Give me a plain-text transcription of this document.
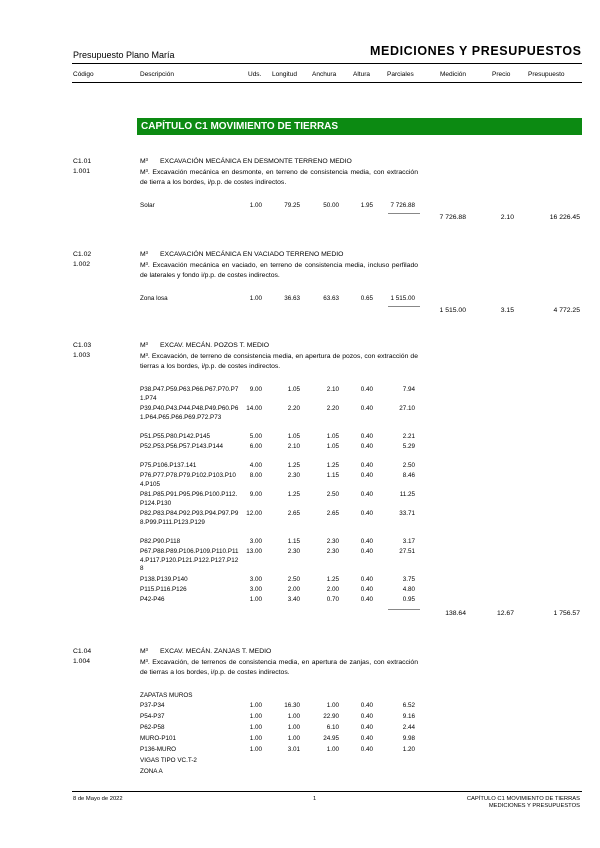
Presupuesto Plano María	MEDICIONES Y PRESUPUESTOS
Código	Descripción	Uds. Longitud Anchura	Altura	Parciales	Medición	Precio	Presupuesto
CAPÍTULO C1 MOVIMIENTO DE TIERRAS
C1.01
1.001
M³ EXCAVACIÓN MECÁNICA EN DESMONTE TERRENO MEDIO
M³. Excavación mecánica en desmonte, en terreno de consistencia media, con extracción de tierra a los bordes, i/p.p. de costes indirectos.
Solar	1.00	79.25	50.00	1.95	7 726.88
7 726.88	2.10	16 226.45
C1.02
1.002
M³ EXCAVACIÓN MECÁNICA EN VACIADO TERRENO MEDIO
M³. Excavación mecánica en vaciado, en terreno de consistencia media, incluso perfilado de laterales y fondo i/p.p. de costes indirectos.
Zona losa	1.00	36.63	63.63	0.65	1 515.00
1 515.00	3.15	4 772.25
C1.03
1.003
M³ EXCAV. MECÁN. POZOS T. MEDIO
M³. Excavación, de terreno de consistencia media, en apertura de pozos, con extracción de tierras a los bordes, i/p.p. de costes indirectos.
P38.P47.P59.P63.P66.P67.P70.P71.P74
9.00	1.05	2.10	0.40	7.94
P39.P40.P43.P44.P48.P49.P60.P61.P64.P65.P66.P69.P72.P73
14.00	2.20	2.20	0.40	27.10
P51.P55.P80.P142.P145	5.00	1.05	1.05	0.40	2.21
P52.P53.P56.P57.P143.P144	6.00	2.10	1.05	0.40	5.29
P75.P106.P137.141	4.00	1.25	1.25	0.40	2.50
P76.P77.P78.P79.P102.P103.P104.P105
8.00	2.30	1.15	0.40	8.46
P81.P85.P91.P95.P96.P100.P112.P124.P130
9.00	1.25	2.50	0.40	11.25
P82.P83.P84.P92.P93.P94.P97.P98.P99.P111.P123.P129
12.00	2.65	2.65	0.40	33.71
P82.P90.P118	3.00	1.15	2.30	0.40	3.17
P67.P88.P89.P106.P109.P110.P114.P117.P120.P121.P122.P127.P128
13.00	2.30	2.30	0.40	27.51
P138.P139.P140	3.00	2.50	1.25	0.40	3.75
P115.P116.P126	3.00	2.00	2.00	0.40	4.80
P42-P46	1.00	3.40	0.70	0.40	0.95
138.64	12.67	1 756.57
C1.04
1.004
M³ EXCAV. MECÁN. ZANJAS T. MEDIO
M³. Excavación, de terrenos de consistencia media, en apertura de zanjas, con extracción de tierras a los bordes, i/p.p. de costes indirectos.
ZAPATAS MUROS
P37-P34	1.00	16.30	1.00	0.40	6.52
P54-P37	1.00	1.00	22.90	0.40	9.16
P62-P58	1.00	1.00	6.10	0.40	2.44
MURO-P101	1.00	1.00	24.95	0.40	9.98
P136-MURO	1.00	3.01	1.00	0.40	1.20
VIGAS TIPO VC.T-2
ZONA A
8 de Mayo de 2022	1	CAPÍTULO C1 MOVIMIENTO DE TIERRAS
MEDICIONES Y PRESUPUESTOS
